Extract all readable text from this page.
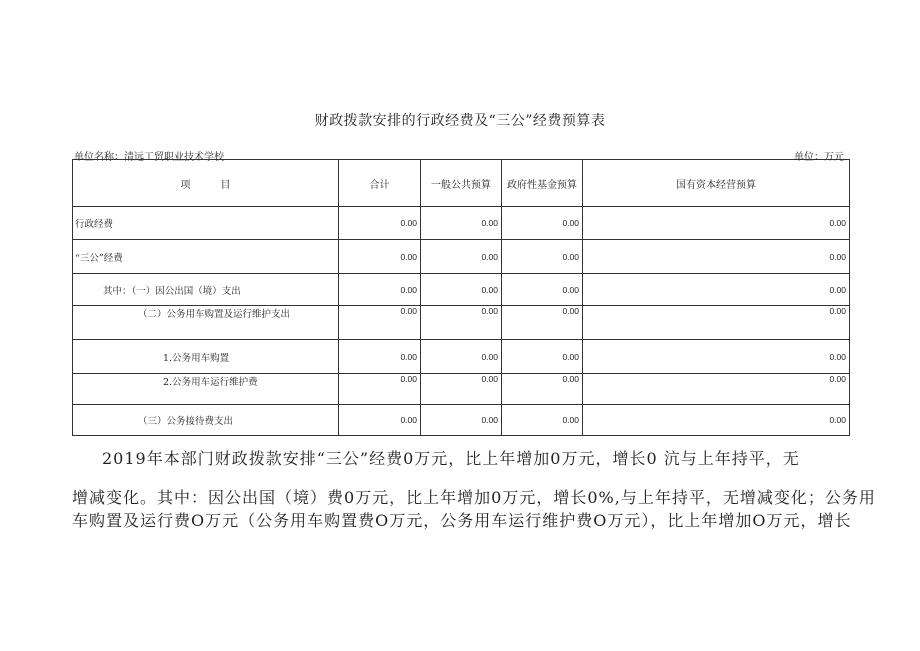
财政拨款安排的行政经费及“三公”经费预算表
单位名称：清远工贸职业技术学校	单位：万元
项　　　目	合计	一般公共预算	政府性基金预算	国有资本经营预算
行政经费	0.00	0.00	0.00	0.00
“三公”经费	0.00	0.00	0.00	0.00
其中：（一）因公出国（境）支出	0.00	0.00	0.00	0.00
（二）公务用车购置及运行维护支出	0.00	0.00	0.00	0.00
1.公务用车购置	0.00	0.00	0.00	0.00
2.公务用车运行维护费	0.00	0.00	0.00	0.00
（三）公务接待费支出	0.00	0.00	0.00	0.00
2019年本部门财政拨款安排“三公”经费0万元，比上年增加0万元，增长0 沆与上年持平，无
增减变化。其中：因公出国（境）费0万元，比上年增加0万元，增长0%,与上年持平，无增减变化；公务用
车购置及运行费O万元（公务用车购置费O万元，公务用车运行维护费O万元），比上年增加O万元，增长
